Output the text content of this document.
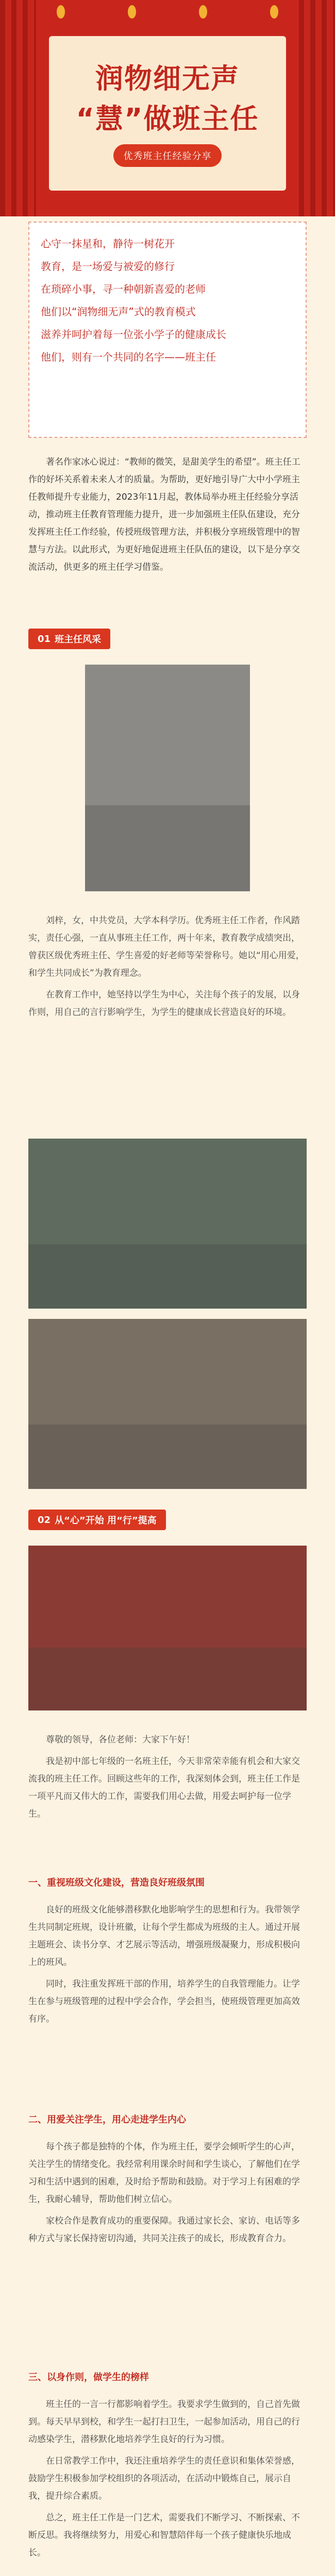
润物细无声
“慧”做班主任
优秀班主任经验分享

心守一抹星和，静待一树花开

教育，是一场爱与被爱的修行

在琐碎小事，寻一种朝新喜爱的老师

他们以“润物细无声”式的教育模式

滋养并呵护着每一位张小学子的健康成长

他们，则有一个共同的名字——班主任

著名作家冰心说过：“教师的微笑，是甜美学生的希望”。班主任工作的好坏关系着未来人才的质量。为帮助，更好地引导广大中小学班主任教师提升专业能力，2023年11月起，教体局举办班主任经验分享活动，推动班主任教育管理能力提升，进一步加强班主任队伍建设，充分发挥班主任工作经验，传授班级管理方法，并积极分享班级管理中的智慧与方法。以此形式，为更好地促进班主任队伍的建设，以下是分享交流活动，供更多的班主任学习借鉴。
01 班主任风采

刘梓，女，中共党员，大学本科学历。优秀班主任工作者，作风踏实，责任心强，一直从事班主任工作，两十年来，教育教学成绩突出，曾获区级优秀班主任、学生喜爱的好老师等荣誉称号。她以“用心用爱，和学生共同成长”为教育理念。

在教育工作中，她坚持以学生为中心，关注每个孩子的发展，以身作则，用自己的言行影响学生，为学生的健康成长营造良好的环境。

02 从“心”开始 用“行”提高

尊敬的领导，各位老师：大家下午好！

我是初中部七年级的一名班主任，今天非常荣幸能有机会和大家交流我的班主任工作。回顾这些年的工作，我深刻体会到，班主任工作是一项平凡而又伟大的工作，需要我们用心去做，用爱去呵护每一位学生。

一、重视班级文化建设，营造良好班级氛围

良好的班级文化能够潜移默化地影响学生的思想和行为。我带领学生共同制定班规，设计班徽，让每个学生都成为班级的主人。通过开展主题班会、读书分享、才艺展示等活动，增强班级凝聚力，形成积极向上的班风。

同时，我注重发挥班干部的作用，培养学生的自我管理能力。让学生在参与班级管理的过程中学会合作，学会担当，使班级管理更加高效有序。

二、用爱关注学生，用心走进学生内心

每个孩子都是独特的个体，作为班主任，要学会倾听学生的心声，关注学生的情绪变化。我经常利用课余时间和学生谈心，了解他们在学习和生活中遇到的困难，及时给予帮助和鼓励。对于学习上有困难的学生，我耐心辅导，帮助他们树立信心。

家校合作是教育成功的重要保障。我通过家长会、家访、电话等多种方式与家长保持密切沟通，共同关注孩子的成长，形成教育合力。

三、以身作则，做学生的榜样

班主任的一言一行都影响着学生。我要求学生做到的，自己首先做到。每天早早到校，和学生一起打扫卫生，一起参加活动，用自己的行动感染学生，潜移默化地培养学生良好的行为习惯。

在日常教学工作中，我还注重培养学生的责任意识和集体荣誉感，鼓励学生积极参加学校组织的各项活动，在活动中锻炼自己，展示自我，提升综合素质。

总之，班主任工作是一门艺术，需要我们不断学习、不断探索、不断反思。我将继续努力，用爱心和智慧陪伴每一个孩子健康快乐地成长。
